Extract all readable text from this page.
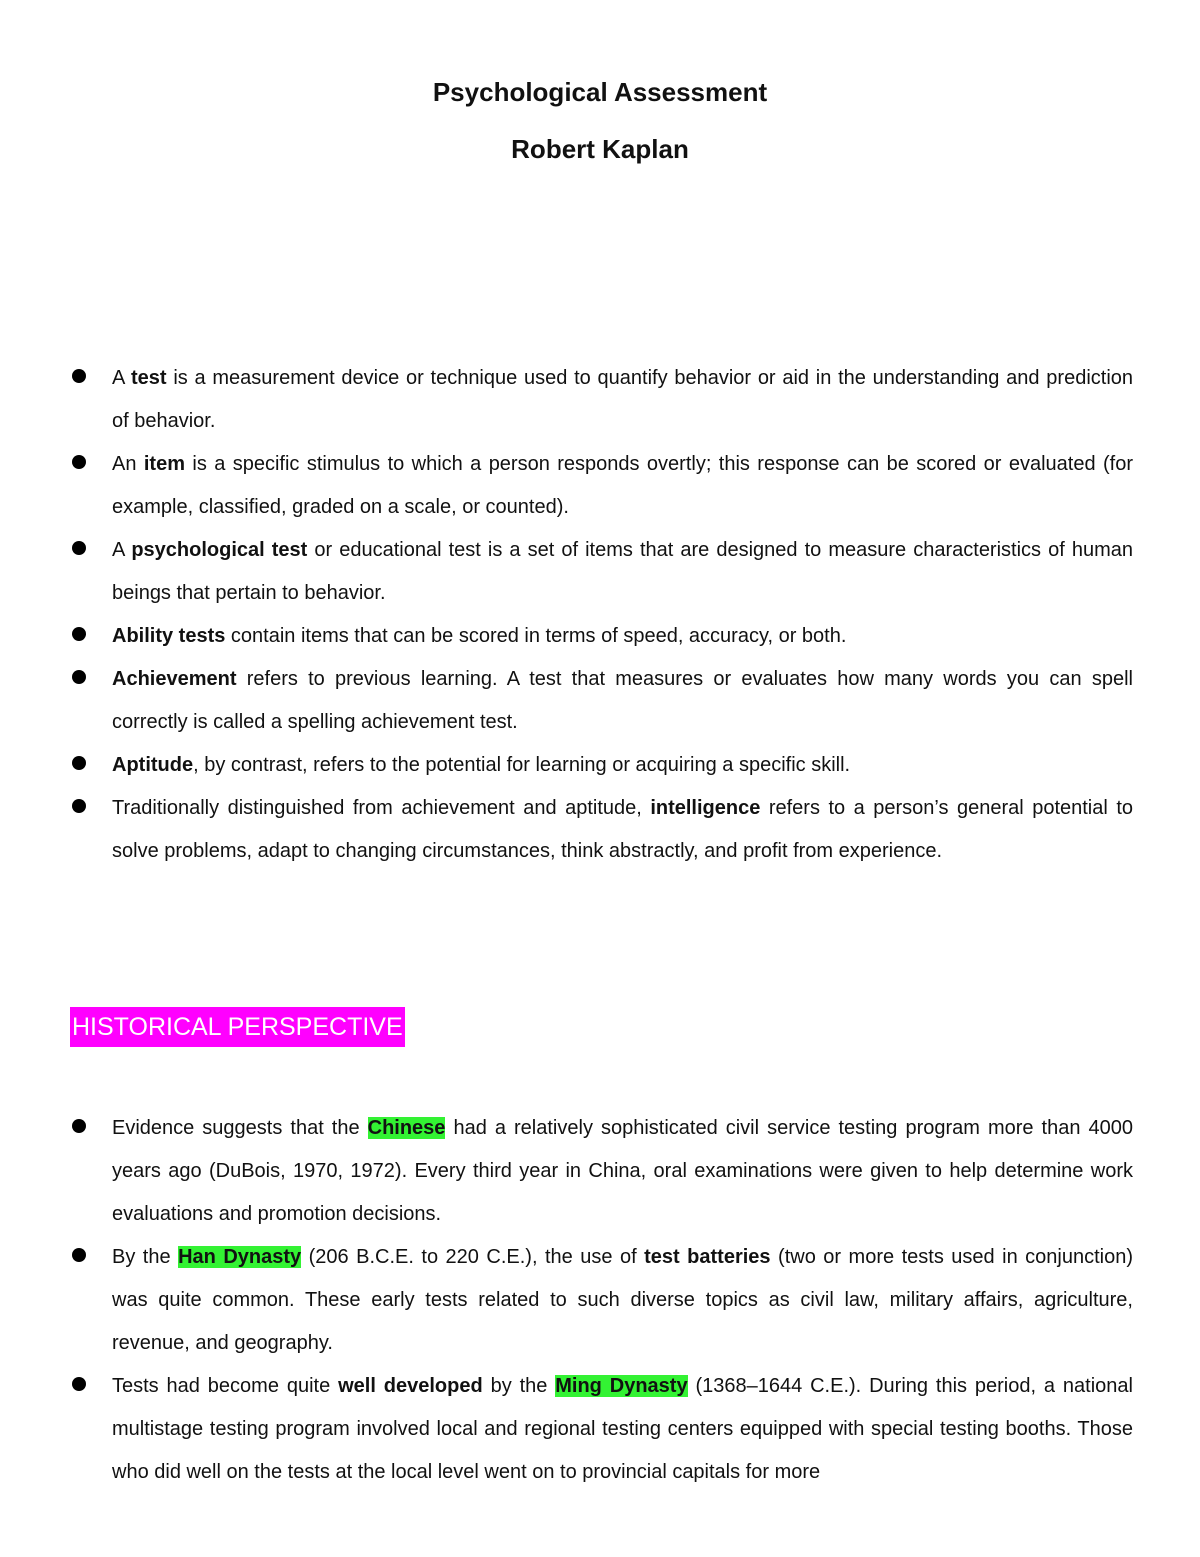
Psychological Assessment
Robert Kaplan
A test is a measurement device or technique used to quantify behavior or aid in the understanding and prediction of behavior.
An item is a specific stimulus to which a person responds overtly; this response can be scored or evaluated (for example, classified, graded on a scale, or counted).
A psychological test or educational test is a set of items that are designed to measure characteristics of human beings that pertain to behavior.
Ability tests contain items that can be scored in terms of speed, accuracy, or both.
Achievement refers to previous learning. A test that measures or evaluates how many words you can spell correctly is called a spelling achievement test.
Aptitude, by contrast, refers to the potential for learning or acquiring a specific skill.
Traditionally distinguished from achievement and aptitude, intelligence refers to a person’s general potential to solve problems, adapt to changing circumstances, think abstractly, and profit from experience.
HISTORICAL PERSPECTIVE
Evidence suggests that the Chinese had a relatively sophisticated civil service testing program more than 4000 years ago (DuBois, 1970, 1972). Every third year in China, oral examinations were given to help determine work evaluations and promotion decisions.
By the Han Dynasty (206 B.C.E. to 220 C.E.), the use of test batteries (two or more tests used in conjunction) was quite common. These early tests related to such diverse topics as civil law, military affairs, agriculture, revenue, and geography.
Tests had become quite well developed by the Ming Dynasty (1368–1644 C.E.). During this period, a national multistage testing program involved local and regional testing centers equipped with special testing booths. Those who did well on the tests at the local level went on to provincial capitals for more
